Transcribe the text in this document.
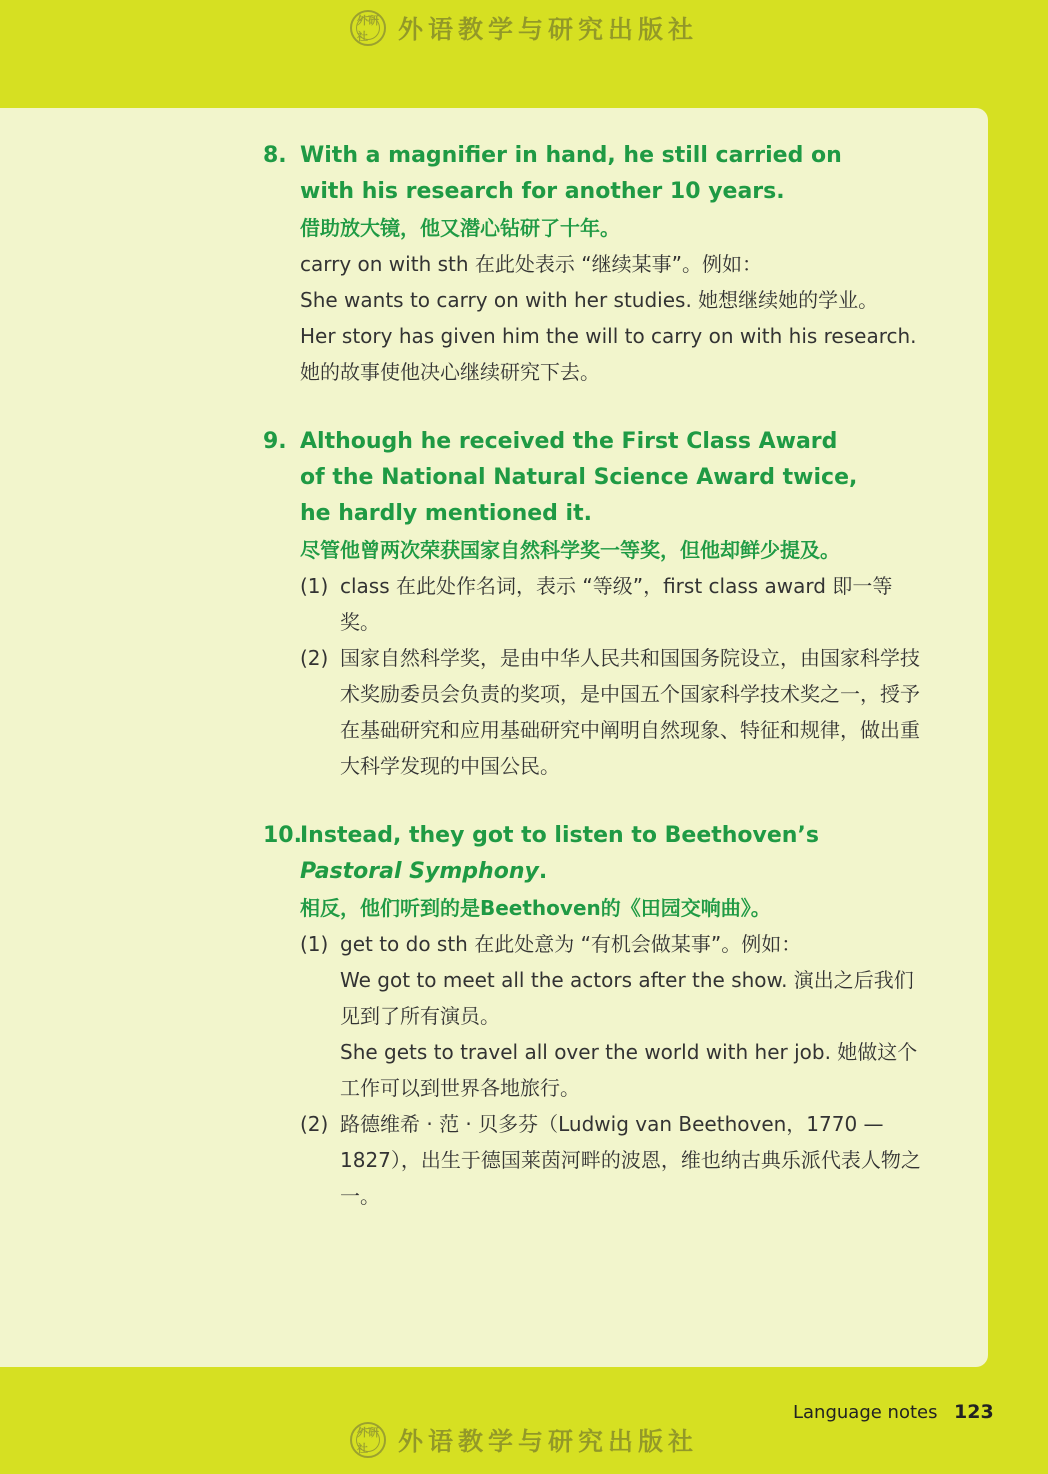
外研社	外语教学与研究出版社
8. With a magnifier in hand, he still carried on with his research for another 10 years.
借助放大镜，他又潜心钻研了十年。
carry on with sth 在此处表示 “继续某事”。例如：
She wants to carry on with her studies. 她想继续她的学业。
Her story has given him the will to carry on with his research.
她的故事使他决心继续研究下去。
9. Although he received the First Class Award of the National Natural Science Award twice, he hardly mentioned it.
尽管他曾两次荣获国家自然科学奖一等奖，但他却鲜少提及。
(1) class 在此处作名词，表示 “等级”，first class award 即一等奖。
(2) 国家自然科学奖，是由中华人民共和国国务院设立，由国家科学技术奖励委员会负责的奖项，是中国五个国家科学技术奖之一，授予在基础研究和应用基础研究中阐明自然现象、特征和规律，做出重大科学发现的中国公民。
10.
Instead, they got to listen to Beethoven’s Pastoral Symphony.
相反，他们听到的是Beethoven的《田园交响曲》。
(1) get to do sth 在此处意为 “有机会做某事”。例如：
We got to meet all the actors after the show. 演出之后我们见到了所有演员。
She gets to travel all over the world with her job. 她做这个工作可以到世界各地旅行。
(2) 路德维希 · 范 · 贝多芬（Ludwig van Beethoven，1770 — 1827），出生于德国莱茵河畔的波恩，维也纳古典乐派代表人物之一。
Language notes 123
外研社	外语教学与研究出版社
